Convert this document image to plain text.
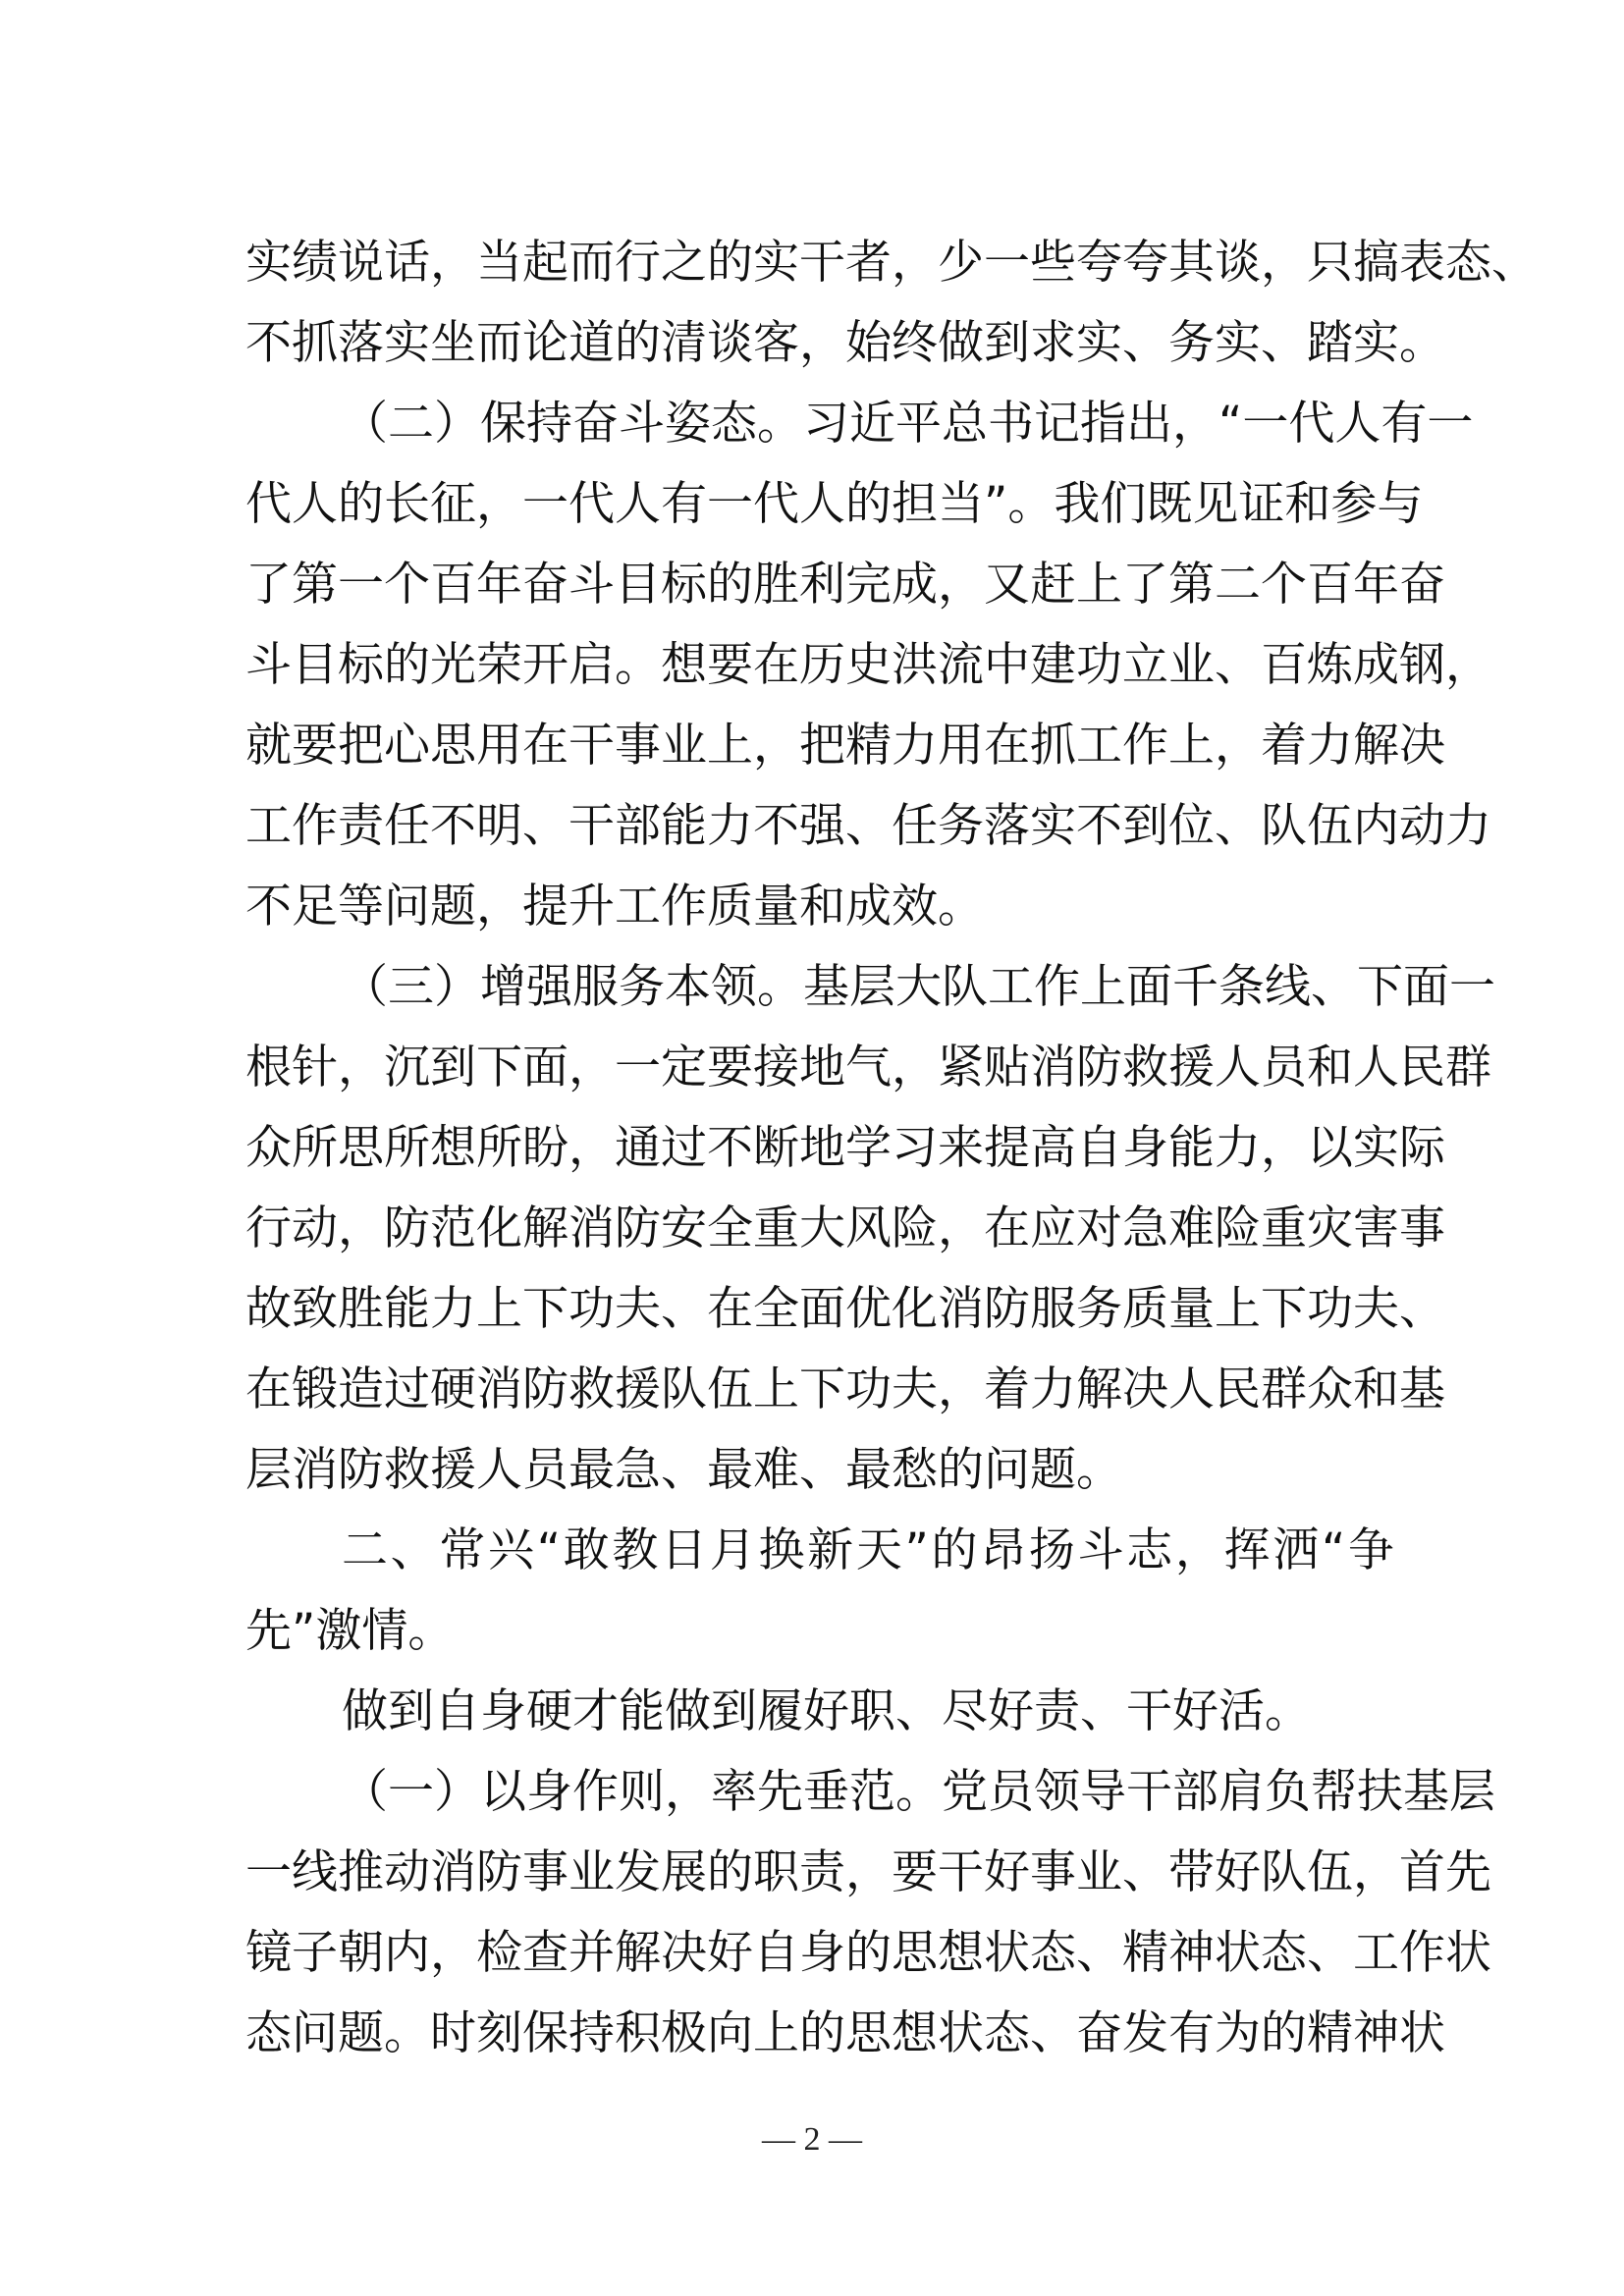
实绩说话，当起而行之的实干者，少一些夸夸其谈，只搞表态、
不抓落实坐而论道的清谈客，始终做到求实、务实、踏实。
（二）保持奋斗姿态。习近平总书记指出，“一代人有一
代人的长征，一代人有一代人的担当”。我们既见证和参与
了第一个百年奋斗目标的胜利完成，又赶上了第二个百年奋
斗目标的光荣开启。想要在历史洪流中建功立业、百炼成钢，
就要把心思用在干事业上，把精力用在抓工作上，着力解决
工作责任不明、干部能力不强、任务落实不到位、队伍内动力
不足等问题，提升工作质量和成效。
（三）增强服务本领。基层大队工作上面千条线、下面一
根针，沉到下面，一定要接地气，紧贴消防救援人员和人民群
众所思所想所盼，通过不断地学习来提高自身能力，以实际
行动，防范化解消防安全重大风险，在应对急难险重灾害事
故致胜能力上下功夫、在全面优化消防服务质量上下功夫、
在锻造过硬消防救援队伍上下功夫，着力解决人民群众和基
层消防救援人员最急、最难、最愁的问题。
二、常兴“敢教日月换新天”的昂扬斗志，挥洒“争
先”激情。
做到自身硬才能做到履好职、尽好责、干好活。
（一）以身作则，率先垂范。党员领导干部肩负帮扶基层
一线推动消防事业发展的职责，要干好事业、带好队伍，首先
镜子朝内，检查并解决好自身的思想状态、精神状态、工作状
态问题。时刻保持积极向上的思想状态、奋发有为的精神状
— 2 —
